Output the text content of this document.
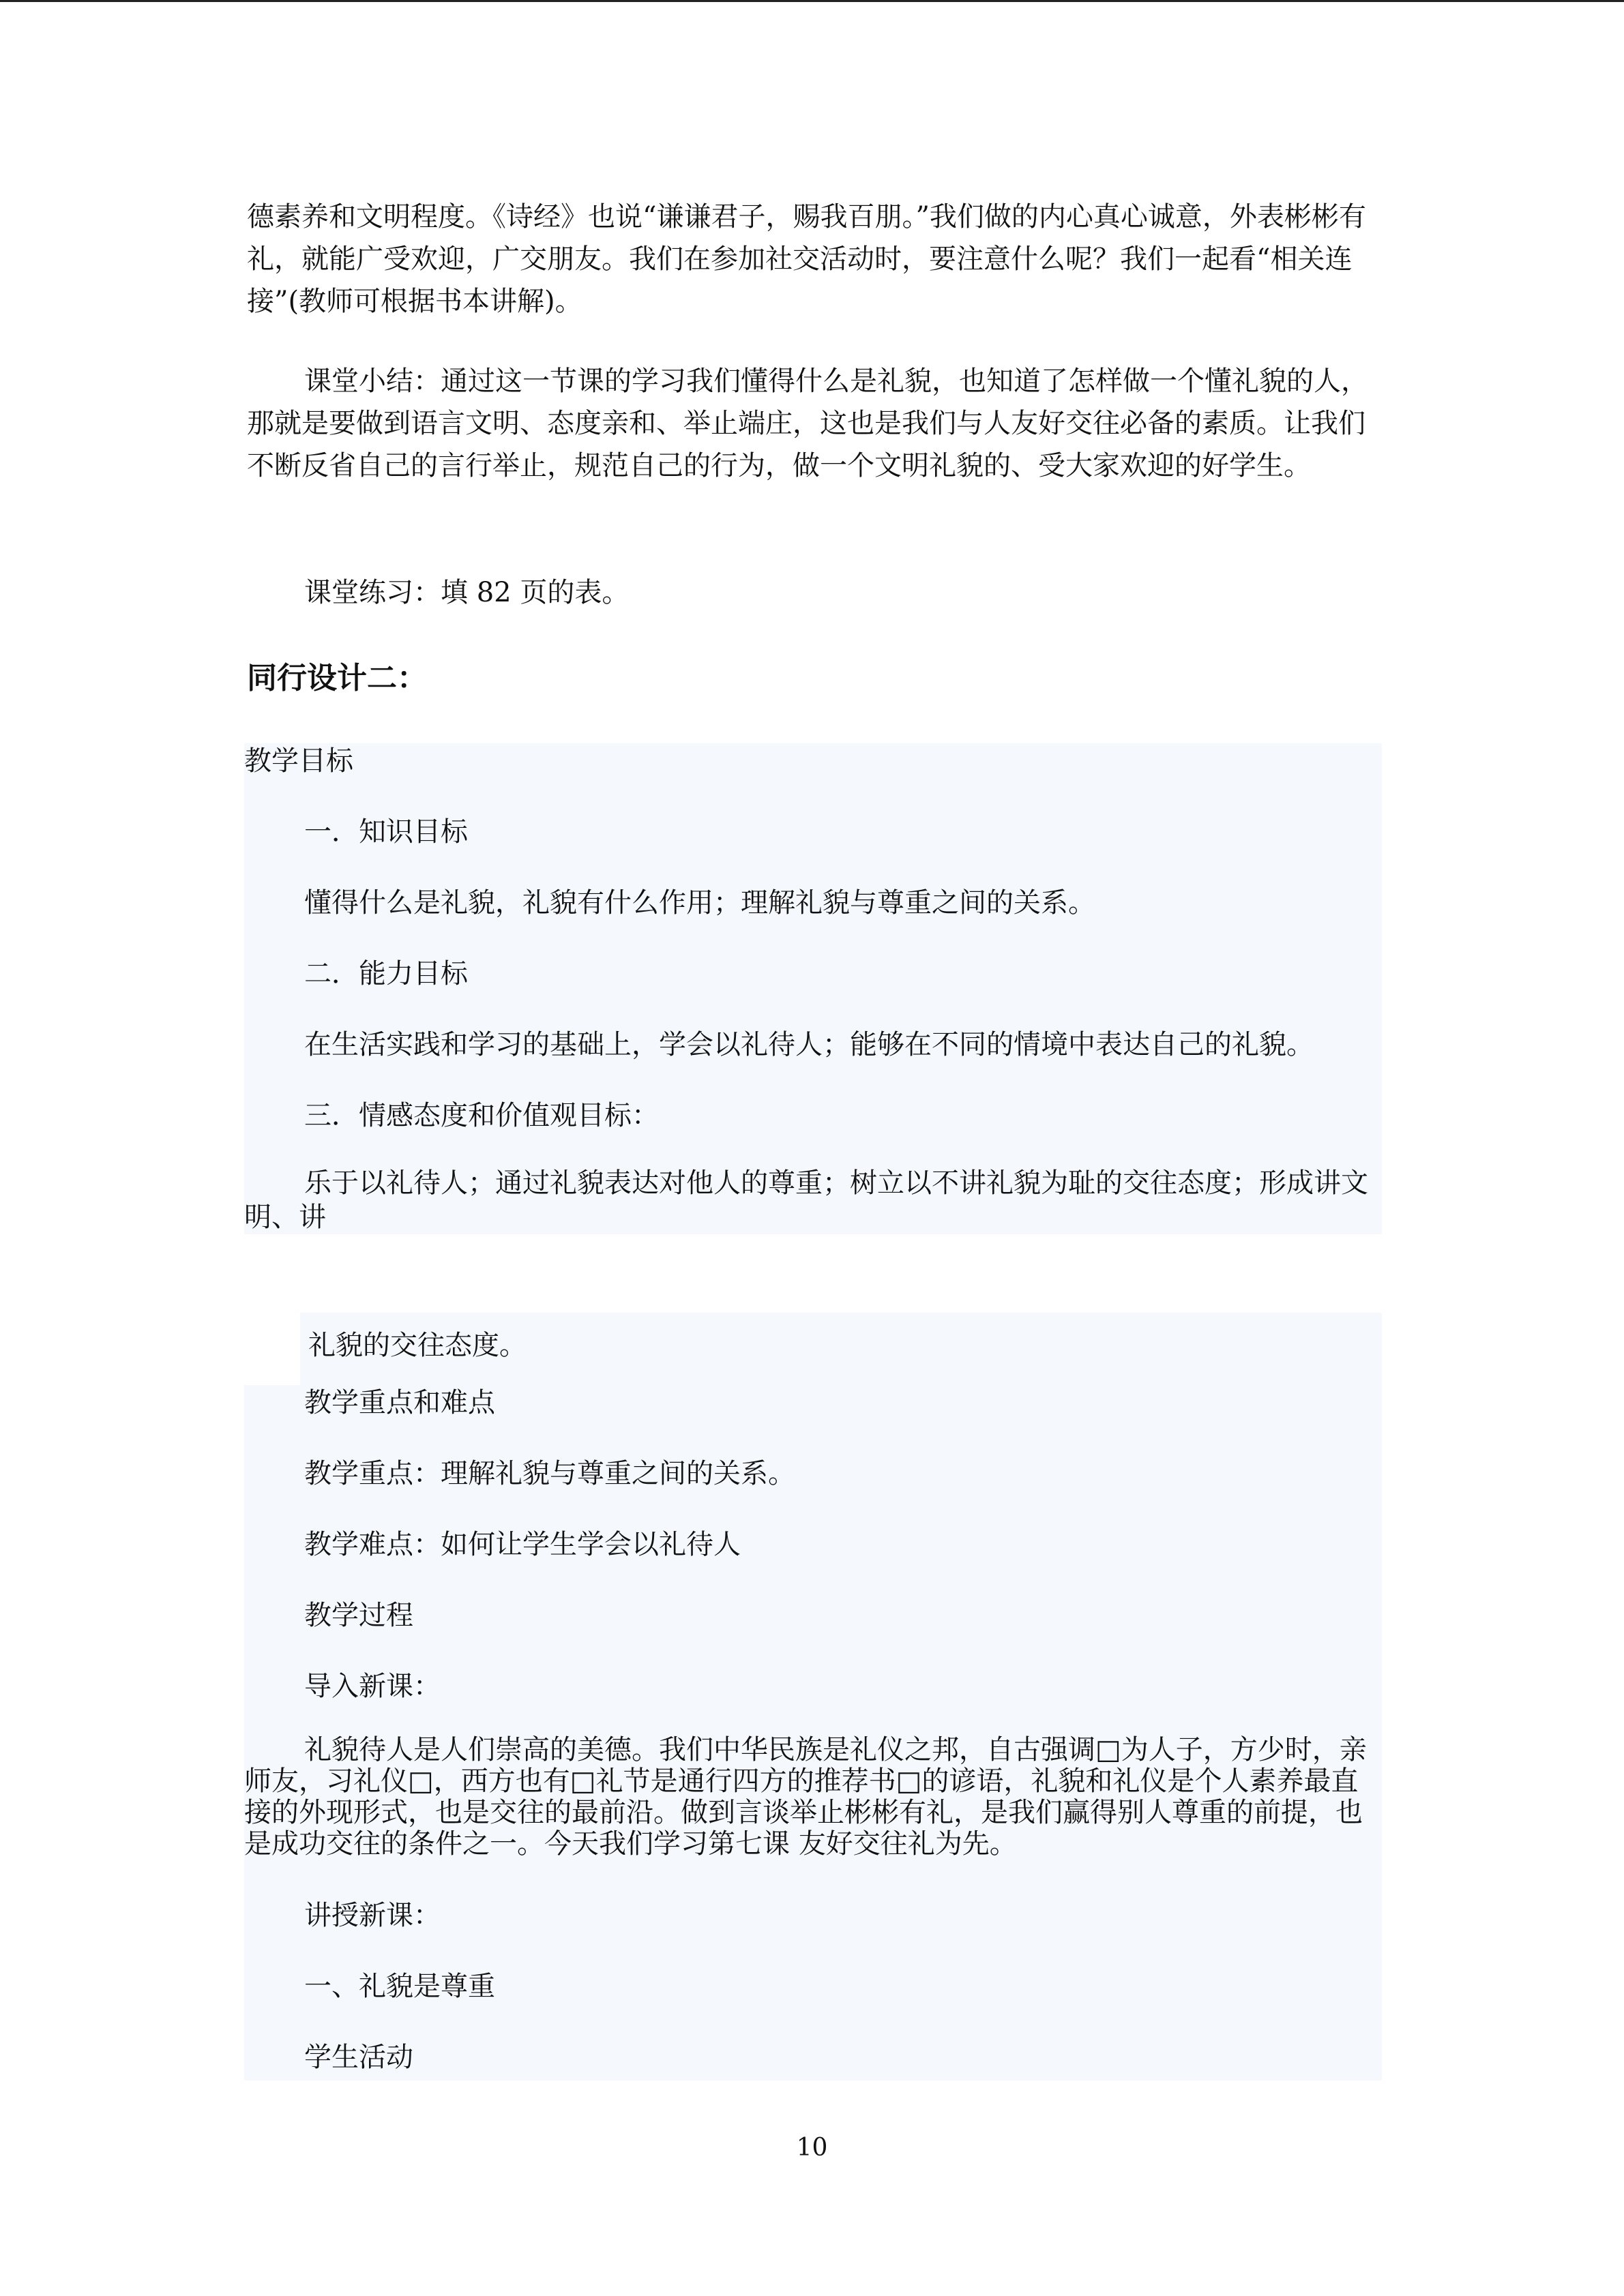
德素养和文明程度。《诗经》也说“谦谦君子，赐我百朋。”我们做的内心真心诚意，外表彬彬有礼，就能广受欢迎，广交朋友。我们在参加社交活动时，要注意什么呢？我们一起看“相关连接”(教师可根据书本讲解)。

课堂小结：通过这一节课的学习我们懂得什么是礼貌，也知道了怎样做一个懂礼貌的人，那就是要做到语言文明、态度亲和、举止端庄，这也是我们与人友好交往必备的素质。让我们不断反省自己的言行举止，规范自己的行为，做一个文明礼貌的、受大家欢迎的好学生。

课堂练习：填 82 页的表。

同行设计二：

教学目标

一．知识目标

懂得什么是礼貌，礼貌有什么作用；理解礼貌与尊重之间的关系。

二．能力目标

在生活实践和学习的基础上，学会以礼待人；能够在不同的情境中表达自己的礼貌。

三．情感态度和价值观目标：

乐于以礼待人；通过礼貌表达对他人的尊重；树立以不讲礼貌为耻的交往态度；形成讲文明、讲

礼貌的交往态度。

教学重点和难点

教学重点：理解礼貌与尊重之间的关系。

教学难点：如何让学生学会以礼待人

教学过程

导入新课：

礼貌待人是人们崇高的美德。我们中华民族是礼仪之邦，自古强调□为人子，方少时，亲师友，习礼仪□，西方也有□礼节是通行四方的推荐书□的谚语，礼貌和礼仪是个人素养最直接的外现形式，也是交往的最前沿。做到言谈举止彬彬有礼，是我们赢得别人尊重的前提，也是成功交往的条件之一。今天我们学习第七课 友好交往礼为先。

讲授新课：

一、礼貌是尊重

学生活动

10
